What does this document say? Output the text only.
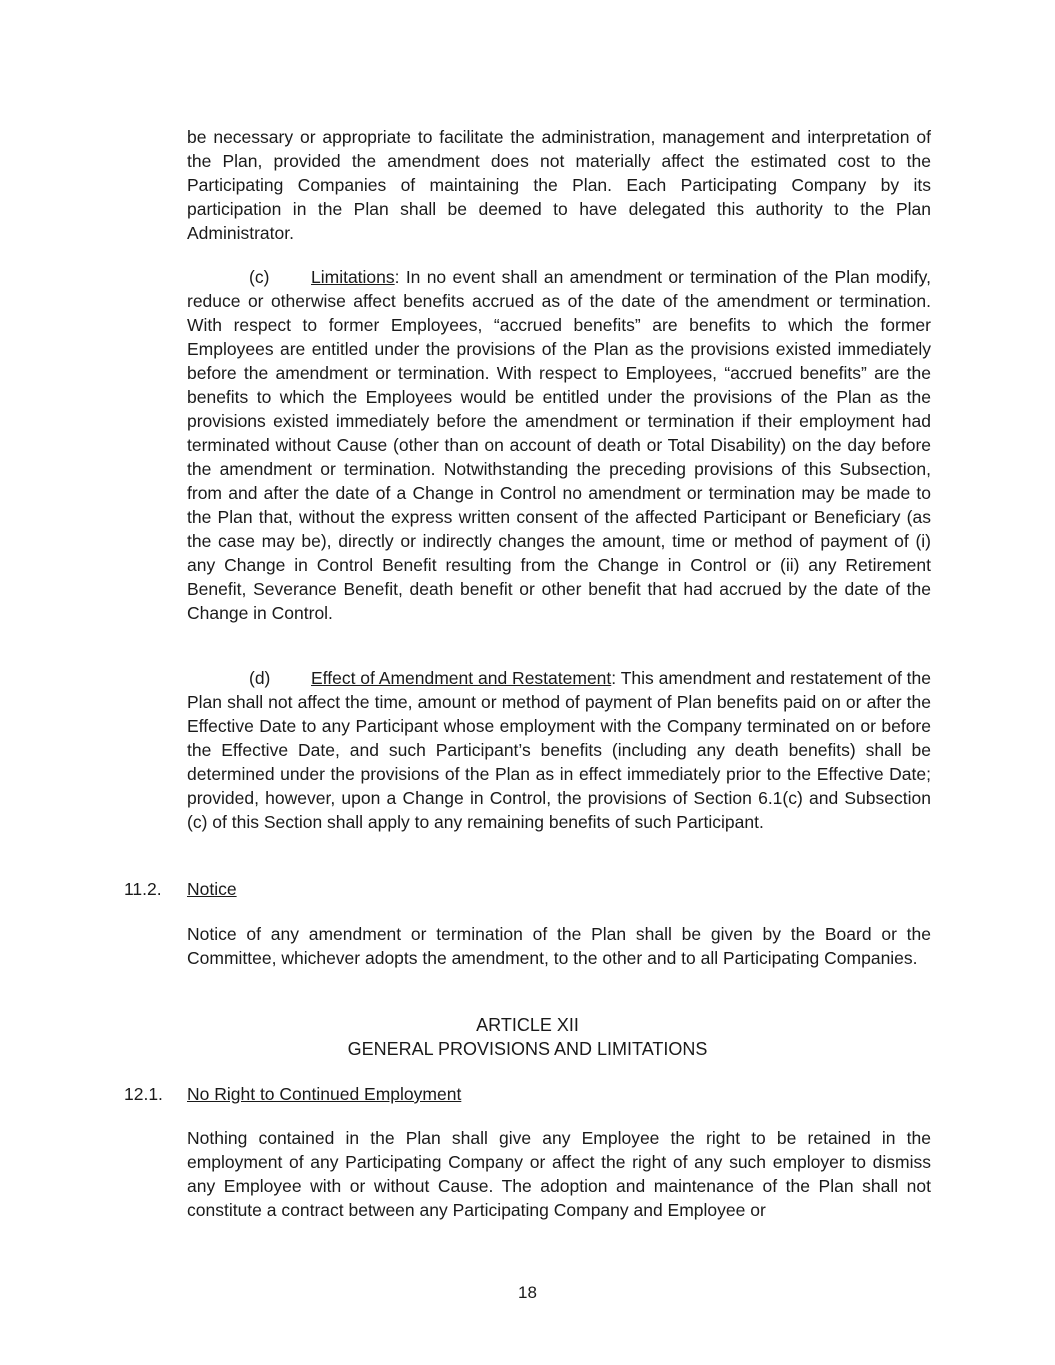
be necessary or appropriate to facilitate the administration, management and interpretation of the Plan, provided the amendment does not materially affect the estimated cost to the Participating Companies of maintaining the Plan. Each Participating Company by its participation in the Plan shall be deemed to have delegated this authority to the Plan Administrator.

(c) Limitations: In no event shall an amendment or termination of the Plan modify, reduce or otherwise affect benefits accrued as of the date of the amendment or termination. With respect to former Employees, “accrued benefits” are benefits to which the former Employees are entitled under the provisions of the Plan as the provisions existed immediately before the amendment or termination. With respect to Employees, “accrued benefits” are the benefits to which the Employees would be entitled under the provisions of the Plan as the provisions existed immediately before the amendment or termination if their employment had terminated without Cause (other than on account of death or Total Disability) on the day before the amendment or termination. Notwithstanding the preceding provisions of this Subsection, from and after the date of a Change in Control no amendment or termination may be made to the Plan that, without the express written consent of the affected Participant or Beneficiary (as the case may be), directly or indirectly changes the amount, time or method of payment of (i) any Change in Control Benefit resulting from the Change in Control or (ii) any Retirement Benefit, Severance Benefit, death benefit or other benefit that had accrued by the date of the Change in Control.

(d) Effect of Amendment and Restatement: This amendment and restatement of the Plan shall not affect the time, amount or method of payment of Plan benefits paid on or after the Effective Date to any Participant whose employment with the Company terminated on or before the Effective Date, and such Participant’s benefits (including any death benefits) shall be determined under the provisions of the Plan as in effect immediately prior to the Effective Date; provided, however, upon a Change in Control, the provisions of Section 6.1(c) and Subsection (c) of this Section shall apply to any remaining benefits of such Participant.

11.2. Notice

Notice of any amendment or termination of the Plan shall be given by the Board or the Committee, whichever adopts the amendment, to the other and to all Participating Companies.

ARTICLE XII

GENERAL PROVISIONS AND LIMITATIONS

12.1. No Right to Continued Employment

Nothing contained in the Plan shall give any Employee the right to be retained in the employment of any Participating Company or affect the right of any such employer to dismiss any Employee with or without Cause. The adoption and maintenance of the Plan shall not constitute a contract between any Participating Company and Employee or

18
